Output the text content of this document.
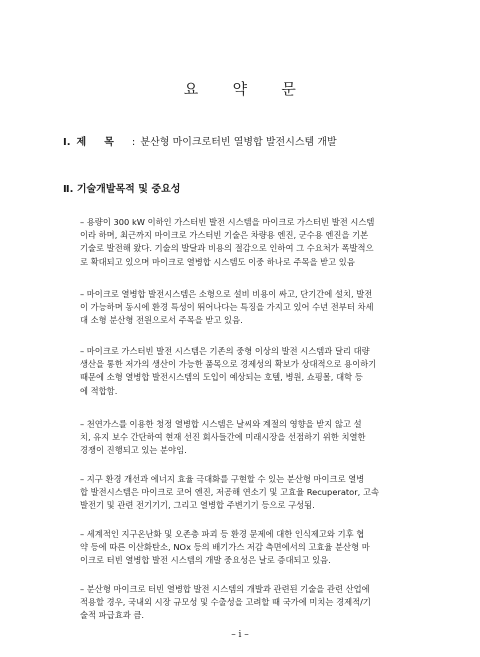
요 약 문
Ⅰ. 제목: 분산형 마이크로터빈 열병합 발전시스템 개발
Ⅱ. 기술개발목적 및 중요성
– 용량이 300 kW 이하인 가스터빈 발전 시스템을 마이크로 가스터빈 발전 시스템
이라 하며, 최근까지 마이크로 가스터빈 기술은 차량용 엔진, 군수용 엔진을 기본
기술로 발전해 왔다. 기술의 발달과 비용의 절감으로 인하여 그 수요처가 폭발적으
로 확대되고 있으며 마이크로 열병합 시스템도 이중 하나로 주목을 받고 있음
– 마이크로 열병합 발전시스템은 소형으로 설비 비용이 싸고, 단기간에 설치, 발전
이 가능하며 동시에 환경 특성이 뛰어나다는 특징을 가지고 있어 수년 전부터 차세
대 소형 분산형 전원으로서 주목을 받고 있음.
– 마이크로 가스터빈 발전 시스템은 기존의 중형 이상의 발전 시스템과 달리 대량
생산을 통한 저가의 생산이 가능한 품목으로 경제성의 확보가 상대적으로 용이하기
때문에 소형 열병합 발전시스템의 도입이 예상되는 호텔, 병원, 쇼핑몰, 대학 등
에 적합함.
– 천연가스를 이용한 청정 열병합 시스템은 날씨와 계절의 영향을 받지 않고 설
치, 유지 보수 간단하여 현재 선진 회사들간에 미래시장을 선점하기 위한 치열한
경쟁이 진행되고 있는 분야임.
– 지구 환경 개선과 에너지 효율 극대화를 구현할 수 있는 분산형 마이크로 열병
합 발전시스템은 마이크로 코어 엔진, 저공해 연소기 및 고효율 Recuperator, 고속
발전기 및 관련 전기기기, 그리고 열병합 주변기기 등으로 구성됨.
– 세계적인 지구온난화 및 오존층 파괴 등 환경 문제에 대한 인식제고와 기후 협
약 등에 따른 이산화탄소, NOx 등의 배기가스 저감 측면에서의 고효율 분산형 마
이크로 터빈 열병합 발전 시스템의 개발 중요성은 날로 증대되고 있음.
– 분산형 마이크로 터빈 열병합 발전 시스템의 개발과 관련된 기술을 관련 산업에
적용할 경우, 국내외 시장 규모성 및 수출성을 고려할 때 국가에 미치는 경제적/기
술적 파급효과 큼.
– i –
